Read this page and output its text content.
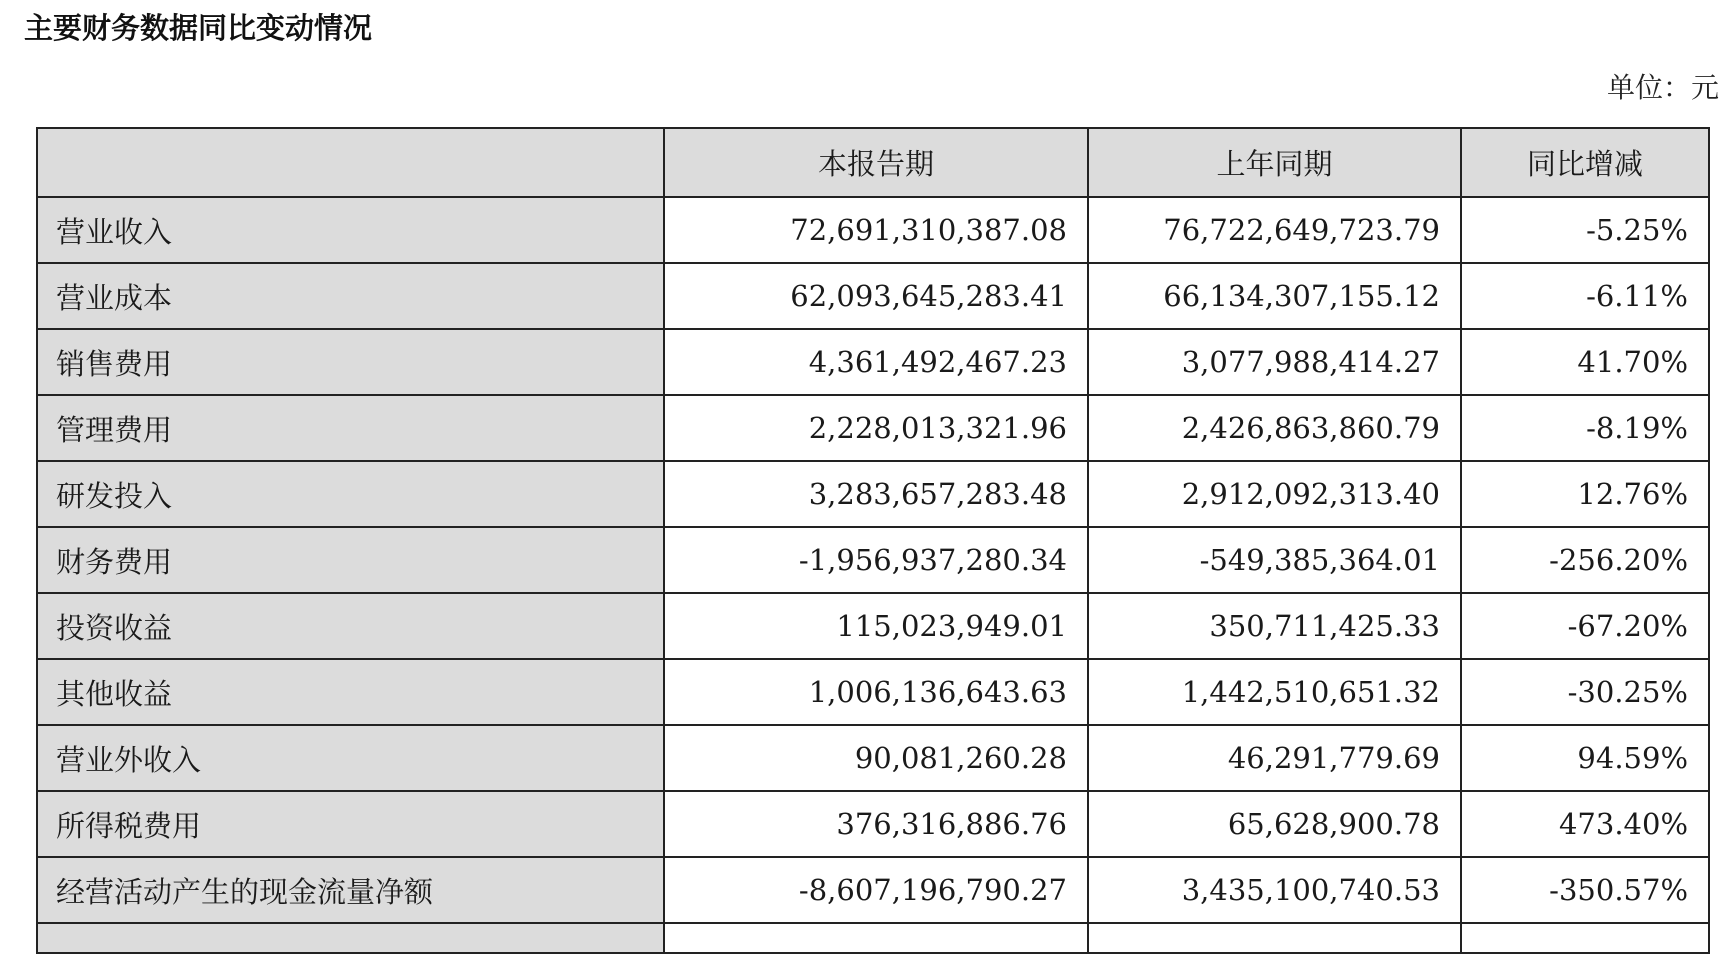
主要财务数据同比变动情况
单位：元
	本报告期	上年同期	同比增减
营业收入	72,691,310,387.08	76,722,649,723.79	-5.25%
营业成本	62,093,645,283.41	66,134,307,155.12	-6.11%
销售费用	4,361,492,467.23	3,077,988,414.27	41.70%
管理费用	2,228,013,321.96	2,426,863,860.79	-8.19%
研发投入	3,283,657,283.48	2,912,092,313.40	12.76%
财务费用	-1,956,937,280.34	-549,385,364.01	-256.20%
投资收益	115,023,949.01	350,711,425.33	-67.20%
其他收益	1,006,136,643.63	1,442,510,651.32	-30.25%
营业外收入	90,081,260.28	46,291,779.69	94.59%
所得税费用	376,316,886.76	65,628,900.78	473.40%
经营活动产生的现金流量净额	-8,607,196,790.27	3,435,100,740.53	-350.57%
